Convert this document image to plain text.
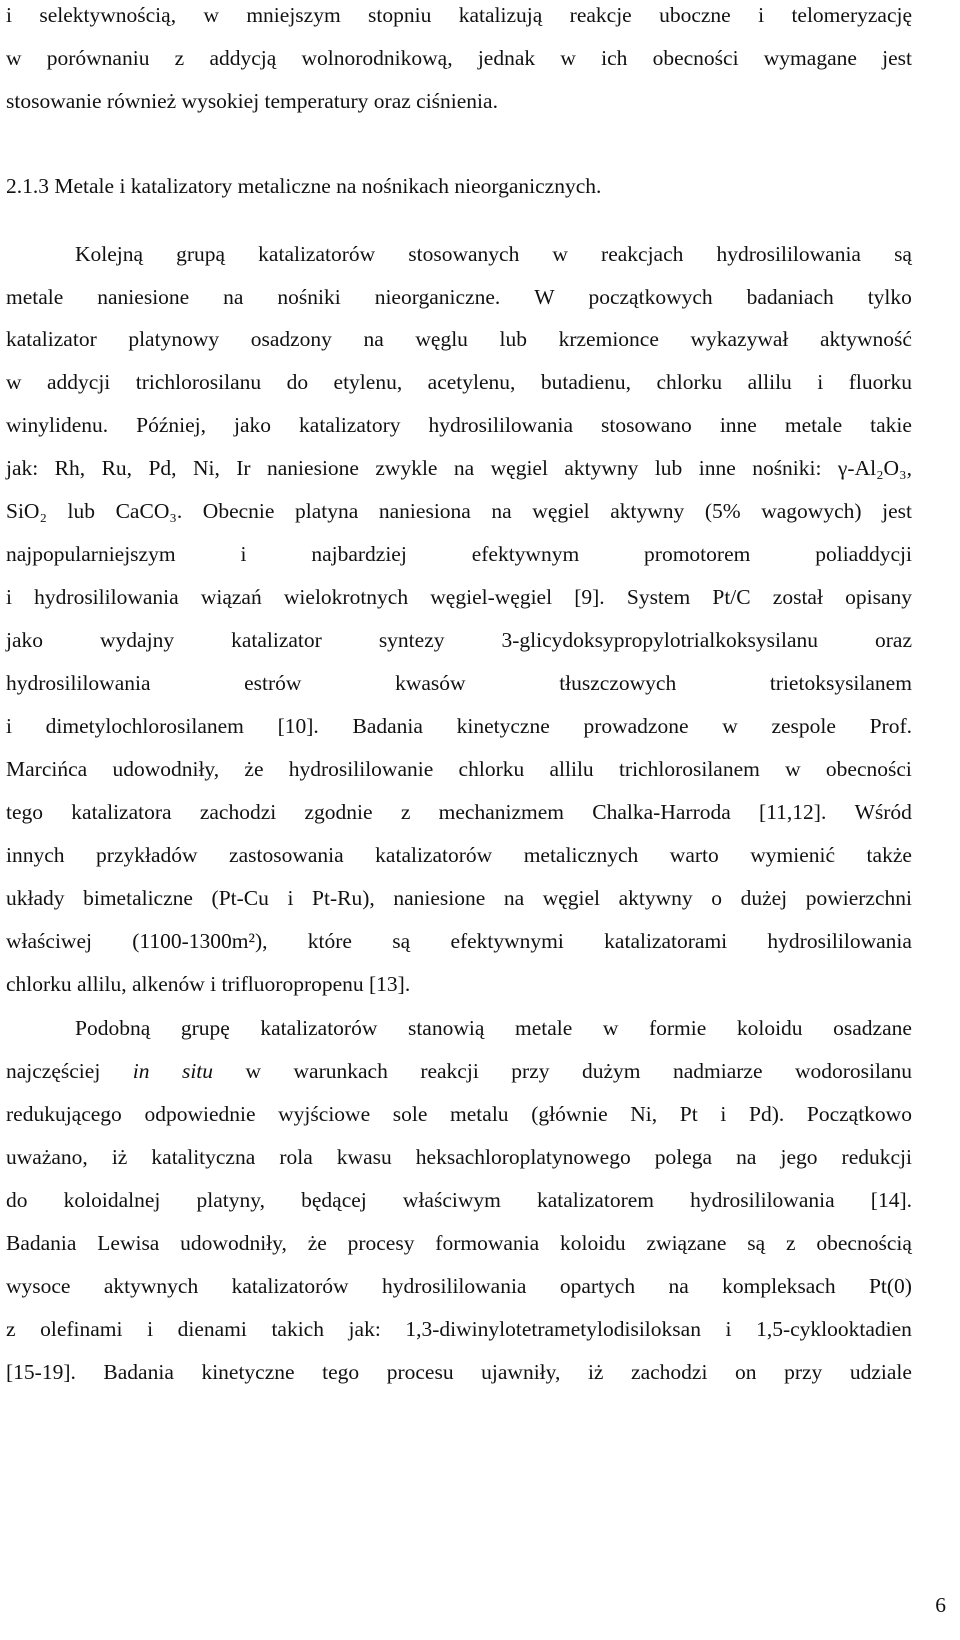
i selektywnością, w mniejszym stopniu katalizują reakcje uboczne i telomeryzację
w porównaniu z addycją wolnorodnikową, jednak w ich obecności wymagane jest
stosowanie również wysokiej temperatury oraz ciśnienia.
2.1.3 Metale i katalizatory metaliczne na nośnikach nieorganicznych.
Kolejną grupą katalizatorów stosowanych w reakcjach hydrosililowania są
metale naniesione na nośniki nieorganiczne. W początkowych badaniach tylko
katalizator platynowy osadzony na węglu lub krzemionce wykazywał aktywność
w addycji trichlorosilanu do etylenu, acetylenu, butadienu, chlorku allilu i fluorku
winylidenu. Później, jako katalizatory hydrosililowania stosowano inne metale takie
jak: Rh, Ru, Pd, Ni, Ir naniesione zwykle na węgiel aktywny lub inne nośniki: γ-Al₂O₃,
SiO₂ lub CaCO₃. Obecnie platyna naniesiona na węgiel aktywny (5% wagowych) jest
najpopularniejszym	i	najbardziej	efektywnym	promotorem	poliaddycji
i hydrosililowania wiązań wielokrotnych węgiel-węgiel [9]. System Pt/C został opisany
jako	wydajny	katalizator	syntezy	3-glicydoksypropylotrialkoksysilanu	oraz
hydrosililowania	estrów	kwasów	tłuszczowych	trietoksysilanem
i dimetylochlorosilanem [10]. Badania kinetyczne prowadzone w zespole Prof.
Marcińca udowodniły, że hydrosililowanie chlorku allilu trichlorosilanem w obecności
tego katalizatora zachodzi zgodnie z mechanizmem Chalka-Harroda [11,12]. Wśród
innych przykładów zastosowania katalizatorów metalicznych warto wymienić także
układy bimetaliczne (Pt-Cu i Pt-Ru), naniesione na węgiel aktywny o dużej powierzchni
właściwej (1100-1300m²), które są efektywnymi katalizatorami hydrosililowania
chlorku allilu, alkenów i trifluoropropenu [13].
Podobną grupę katalizatorów stanowią metale w formie koloidu osadzane
najczęściej in situ w warunkach reakcji przy dużym nadmiarze wodorosilanu
redukującego odpowiednie wyjściowe sole metalu (głównie Ni, Pt i Pd). Początkowo
uważano, iż katalityczna rola kwasu heksachloroplatynowego polega na jego redukcji
do koloidalnej platyny, będącej właściwym katalizatorem hydrosililowania [14].
Badania Lewisa udowodniły, że procesy formowania koloidu związane są z obecnością
wysoce aktywnych katalizatorów hydrosililowania opartych na kompleksach Pt(0)
z olefinami i dienami takich jak: 1,3-diwinylotetrametylodisiloksan i 1,5-cyklooktadien
[15-19]. Badania kinetyczne tego procesu ujawniły, iż zachodzi on przy udziale
6
